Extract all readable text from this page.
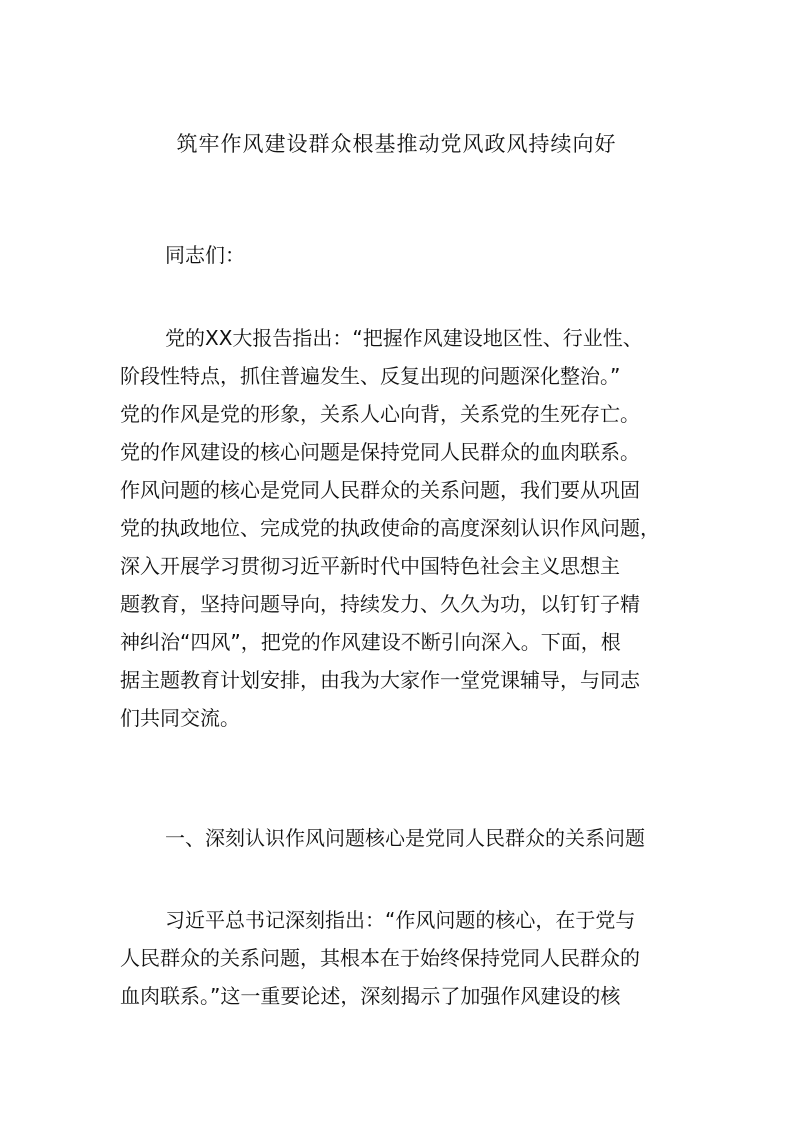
筑牢作风建设群众根基推动党风政风持续向好
同志们：
党的XX大报告指出：“把握作风建设地区性、行业性、
阶段性特点，抓住普遍发生、反复出现的问题深化整治。”
党的作风是党的形象，关系人心向背，关系党的生死存亡。
党的作风建设的核心问题是保持党同人民群众的血肉联系。
作风问题的核心是党同人民群众的关系问题，我们要从巩固
党的执政地位、完成党的执政使命的高度深刻认识作风问题，
深入开展学习贯彻习近平新时代中国特色社会主义思想主
题教育，坚持问题导向，持续发力、久久为功，以钉钉子精
神纠治“四风”，把党的作风建设不断引向深入。下面，根
据主题教育计划安排，由我为大家作一堂党课辅导，与同志
们共同交流。
一、深刻认识作风问题核心是党同人民群众的关系问题
习近平总书记深刻指出：“作风问题的核心，在于党与
人民群众的关系问题，其根本在于始终保持党同人民群众的
血肉联系。”这一重要论述，深刻揭示了加强作风建设的核
